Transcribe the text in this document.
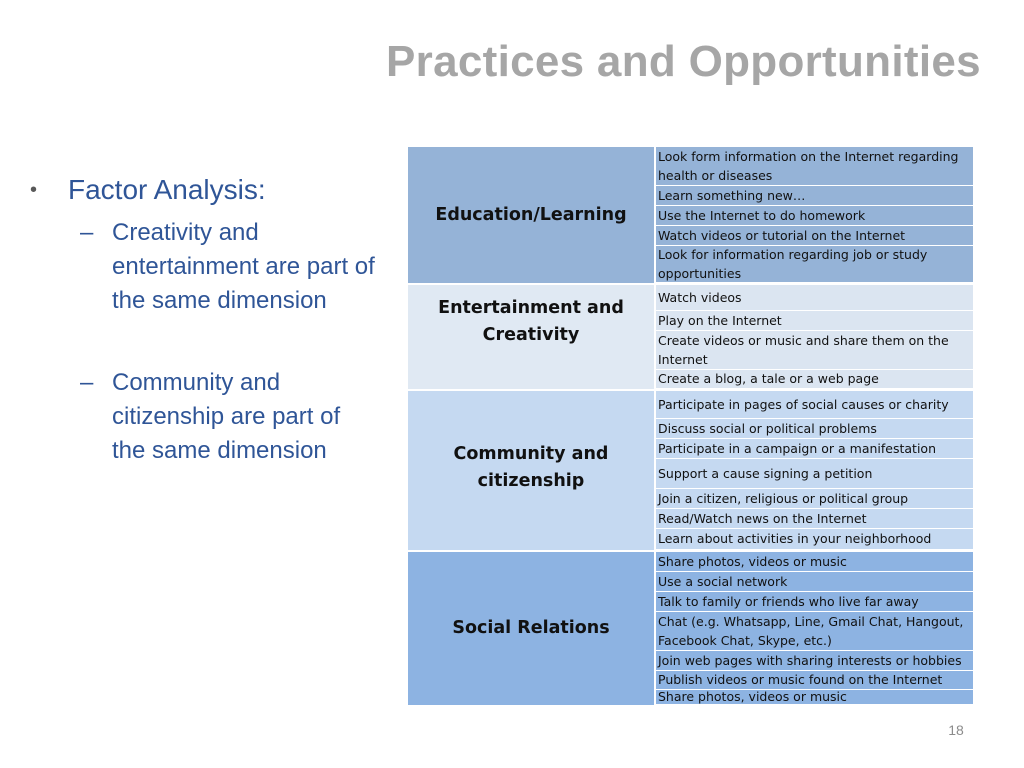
Practices and Opportunities
• Factor Analysis:
– Creativity and entertainment are part of the same dimension
– Community and citizenship are part of the same dimension
Education/Learning
Look form information on the Internet regarding health or diseases
Learn something new…
Use the Internet to do homework
Watch videos or tutorial on the Internet
Look for information regarding job or study opportunities
Entertainment and Creativity
Watch videos
Play on the Internet
Create videos or music and share them on the Internet
Create a blog, a tale or a web page
Community and citizenship
Participate in pages of social causes or charity
Discuss social or political problems
Participate in a campaign or a manifestation
Support a cause signing a petition
Join a citizen, religious or political group
Read/Watch news on the Internet
Learn about activities in your neighborhood
Social Relations
Share photos, videos or music
Use a social network
Talk to family or friends who live far away
Chat (e.g. Whatsapp, Line, Gmail Chat, Hangout, Facebook Chat, Skype, etc.)
Join web pages with sharing interests or hobbies
Publish videos or music found on the Internet
Share photos, videos or music
18
